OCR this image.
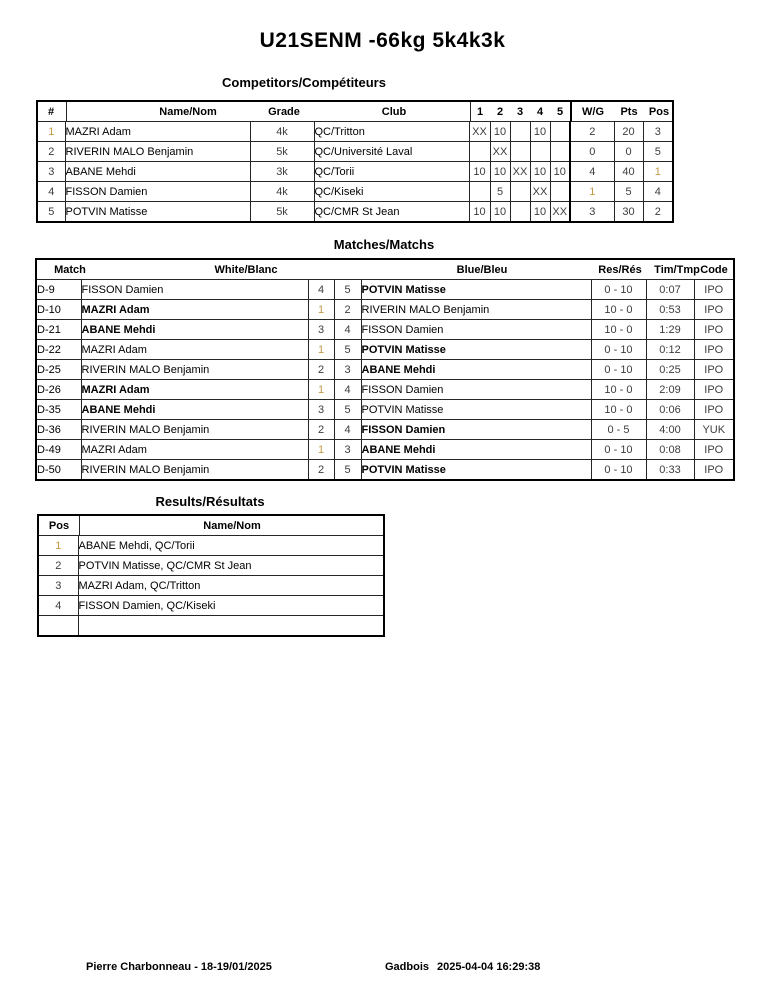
U21SENM -66kg 5k4k3k
Competitors/Compétiteurs
#	Name/Nom	Grade	Club	1 2 3 4 5 W/G Pts Pos

1	MAZRI Adam	4k	QC/Tritton	XX	10		10		2	20	3
2	RIVERIN MALO Benjamin	5k	QC/Université Laval		XX				0	0	5
3	ABANE Mehdi	3k	QC/Torii	10	10	XX	10	10	4	40	1
4	FISSON Damien	4k	QC/Kiseki		5		XX		1	5	4
5	POTVIN Matisse	5k	QC/CMR St Jean	10	10		10	XX	3	30	2
Matches/Matchs
Match	White/Blanc	Blue/Bleu	Res/Rés Tim/Tmp Code

D-9	FISSON Damien	4	5	POTVIN Matisse	0 - 10	0:07	IPO
D-10	MAZRI Adam	1	2	RIVERIN MALO Benjamin	10 - 0	0:53	IPO
D-21	ABANE Mehdi	3	4	FISSON Damien	10 - 0	1:29	IPO
D-22	MAZRI Adam	1	5	POTVIN Matisse	0 - 10	0:12	IPO
D-25	RIVERIN MALO Benjamin	2	3	ABANE Mehdi	0 - 10	0:25	IPO
D-26	MAZRI Adam	1	4	FISSON Damien	10 - 0	2:09	IPO
D-35	ABANE Mehdi	3	5	POTVIN Matisse	10 - 0	0:06	IPO
D-36	RIVERIN MALO Benjamin	2	4	FISSON Damien	0 - 5	4:00	YUK
D-49	MAZRI Adam	1	3	ABANE Mehdi	0 - 10	0:08	IPO
D-50	RIVERIN MALO Benjamin	2	5	POTVIN Matisse	0 - 10	0:33	IPO
Results/Résultats
Pos Name/Nom	

1	ABANE Mehdi, QC/Torii
2	POTVIN Matisse, QC/CMR St Jean
3	MAZRI Adam, QC/Tritton
4	FISSON Damien, QC/Kiseki

Pierre Charbonneau - 18-19/01/2025	Gadbois 2025-04-04 16:29:38
